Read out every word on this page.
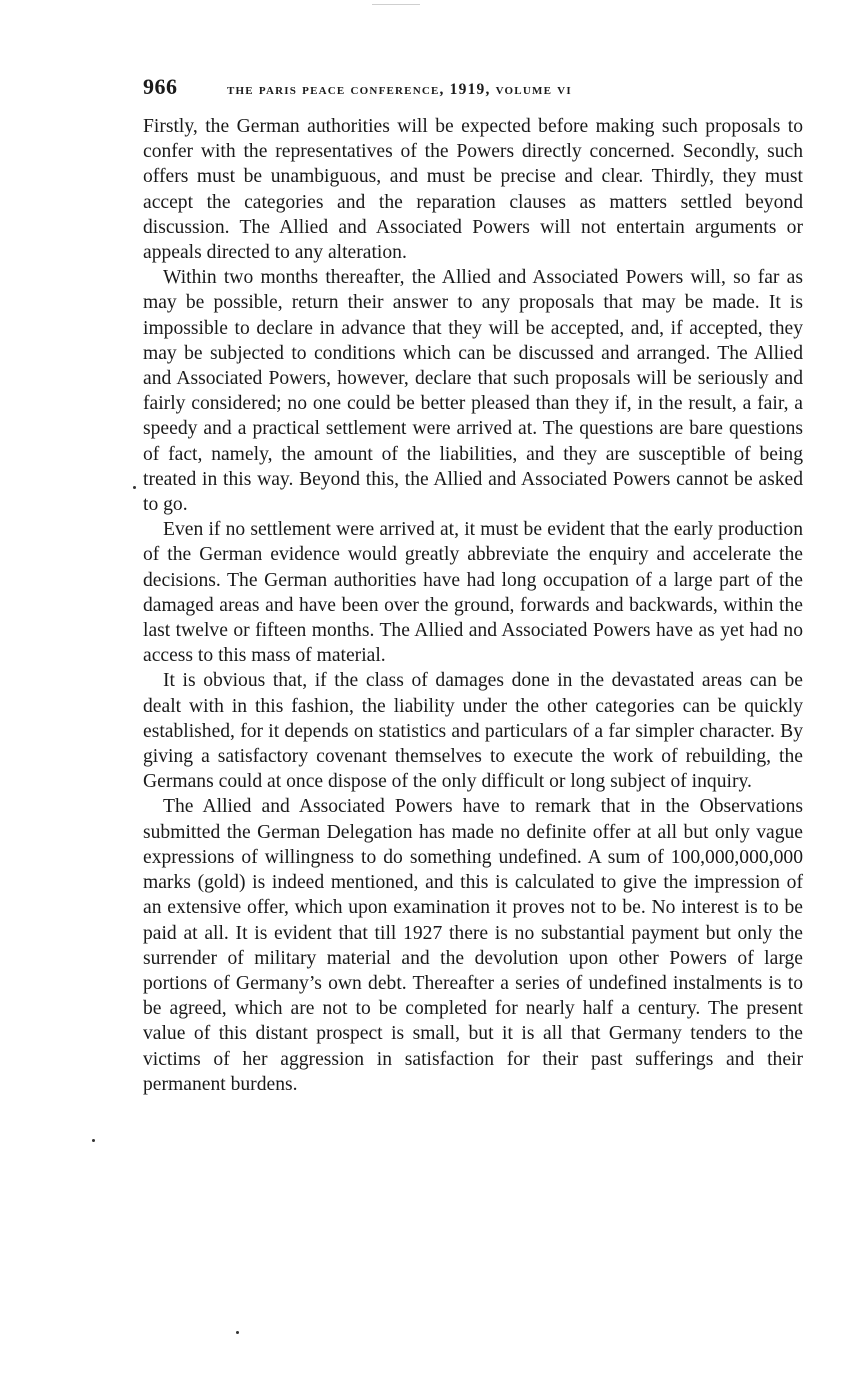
966	the paris peace conference, 1919, volume vi

Firstly, the German authorities will be expected before making such proposals to confer with the representatives of the Powers directly concerned. Secondly, such offers must be unambiguous, and must be precise and clear. Thirdly, they must accept the categories and the reparation clauses as matters settled beyond discussion. The Allied and Associated Powers will not entertain arguments or appeals directed to any alteration.

Within two months thereafter, the Allied and Associated Powers will, so far as may be possible, return their answer to any proposals that may be made. It is impossible to declare in advance that they will be accepted, and, if accepted, they may be subjected to conditions which can be discussed and arranged. The Allied and Associated Powers, however, declare that such proposals will be seriously and fairly considered; no one could be better pleased than they if, in the result, a fair, a speedy and a practical settlement were arrived at. The questions are bare questions of fact, namely, the amount of the liabilities, and they are susceptible of being treated in this way. Beyond this, the Allied and Associated Powers cannot be asked to go.

Even if no settlement were arrived at, it must be evident that the early production of the German evidence would greatly abbreviate the enquiry and accelerate the decisions. The German authorities have had long occupation of a large part of the damaged areas and have been over the ground, forwards and backwards, within the last twelve or fifteen months. The Allied and Associated Powers have as yet had no access to this mass of material.

It is obvious that, if the class of damages done in the devastated areas can be dealt with in this fashion, the liability under the other categories can be quickly established, for it depends on statistics and particulars of a far simpler character. By giving a satisfactory covenant themselves to execute the work of rebuilding, the Germans could at once dispose of the only difficult or long subject of inquiry.

The Allied and Associated Powers have to remark that in the Observations submitted the German Delegation has made no definite offer at all but only vague expressions of willingness to do something undefined. A sum of 100,000,000,000 marks (gold) is indeed mentioned, and this is calculated to give the impression of an extensive offer, which upon examination it proves not to be. No interest is to be paid at all. It is evident that till 1927 there is no substantial payment but only the surrender of military material and the devolution upon other Powers of large portions of Germany’s own debt. Thereafter a series of undefined instalments is to be agreed, which are not to be completed for nearly half a century. The present value of this distant prospect is small, but it is all that Germany tenders to the victims of her aggression in satisfaction for their past sufferings and their permanent burdens.
